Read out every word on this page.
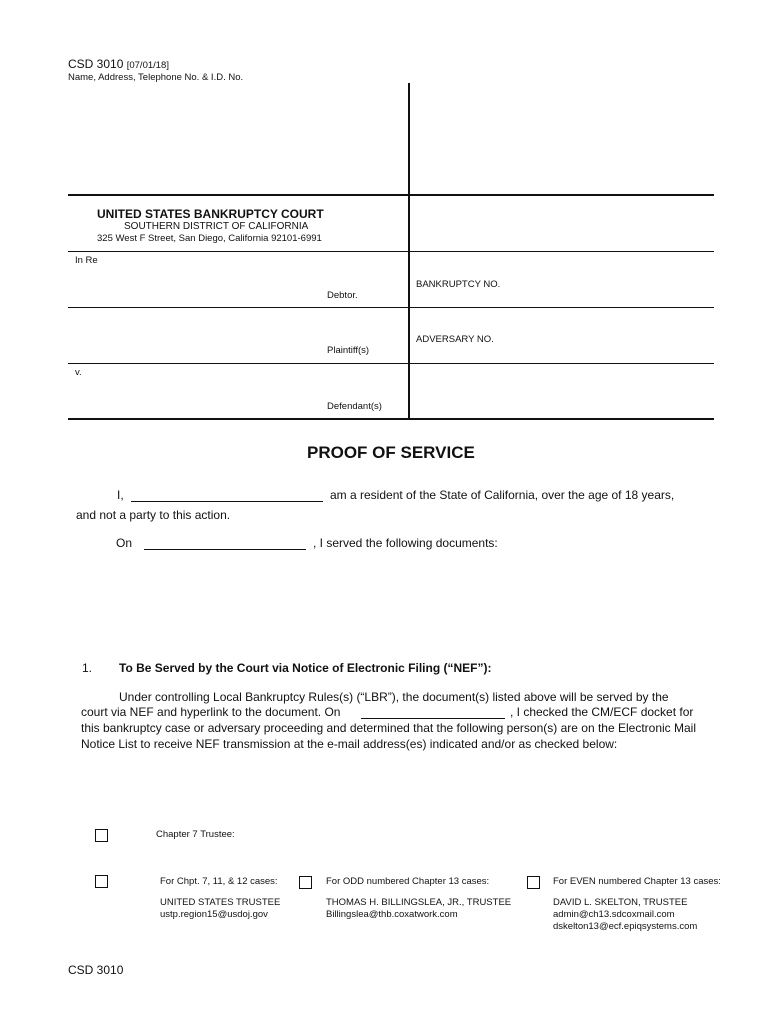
CSD 3010 [07/01/18]
Name, Address, Telephone No. & I.D. No.
UNITED STATES BANKRUPTCY COURT
SOUTHERN DISTRICT OF CALIFORNIA
325 West F Street, San Diego, California 92101-6991
In Re
Debtor.
BANKRUPTCY NO.
ADVERSARY NO.
Plaintiff(s)
v.
Defendant(s)
PROOF OF SERVICE
I,	am a resident of the State of California, over the age of 18 years,
and not a party to this action.
On	, I served the following documents:
1. To Be Served by the Court via Notice of Electronic Filing (“NEF”):
Under controlling Local Bankruptcy Rules(s) (“LBR”), the document(s) listed above will be served by the
court via NEF and hyperlink to the document. On	, I checked the CM/ECF docket for
this bankruptcy case or adversary proceeding and determined that the following person(s) are on the Electronic Mail
Notice List to receive NEF transmission at the e-mail address(es) indicated and/or as checked below:
Chapter 7 Trustee:
For Chpt. 7, 11, & 12 cases:
UNITED STATES TRUSTEE
ustp.region15@usdoj.gov
For ODD numbered Chapter 13 cases:
THOMAS H. BILLINGSLEA, JR., TRUSTEE
Billingslea@thb.coxatwork.com
For EVEN numbered Chapter 13 cases:
DAVID L. SKELTON, TRUSTEE
admin@ch13.sdcoxmail.com
dskelton13@ecf.epiqsystems.com
CSD 3010
